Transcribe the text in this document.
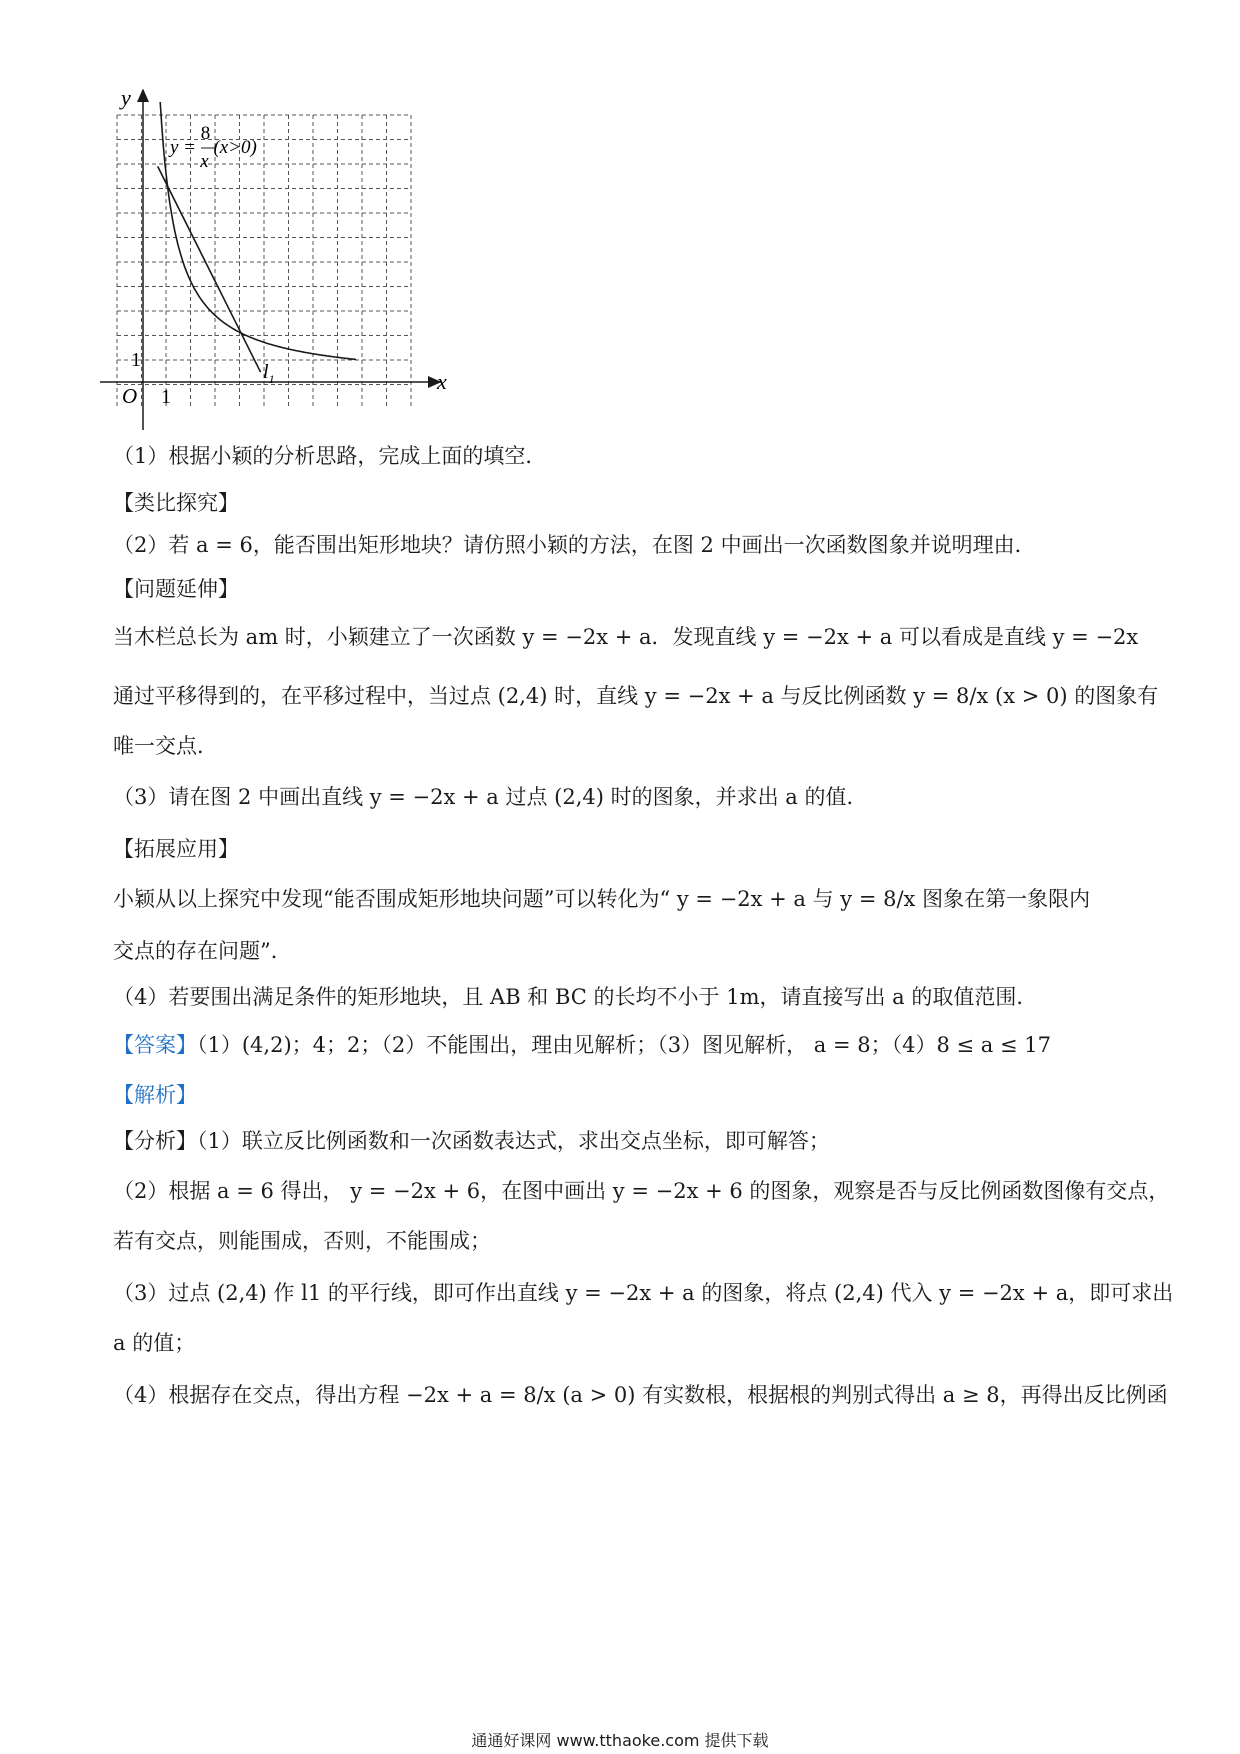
y
x
O 1
1
$l_1$
y = 8 x (x>0)
（1）根据小颖的分析思路，完成上面的填空．
【类比探究】
（2）若 a = 6，能否围出矩形地块？请仿照小颖的方法，在图 2 中画出一次函数图象并说明理由．
【问题延伸】
当木栏总长为 am 时，小颖建立了一次函数 y = −2x + a．发现直线 y = −2x + a 可以看成是直线 y = −2x
通过平移得到的，在平移过程中，当过点 (2,4) 时，直线 y = −2x + a 与反比例函数 y = 8/x (x > 0) 的图象有
唯一交点．
（3）请在图 2 中画出直线 y = −2x + a 过点 (2,4) 时的图象，并求出 a 的值．
【拓展应用】
小颖从以上探究中发现“能否围成矩形地块问题”可以转化为“ y = −2x + a 与 y = 8/x 图象在第一象限内
交点的存在问题”．
（4）若要围出满足条件的矩形地块，且 AB 和 BC 的长均不小于 1m，请直接写出 a 的取值范围．
【答案】（1）(4,2)；4；2；（2）不能围出，理由见解析；（3）图见解析， a = 8；（4）8 ≤ a ≤ 17
【解析】
【分析】（1）联立反比例函数和一次函数表达式，求出交点坐标，即可解答；
（2）根据 a = 6 得出， y = −2x + 6，在图中画出 y = −2x + 6 的图象，观察是否与反比例函数图像有交点，
若有交点，则能围成，否则，不能围成；
（3）过点 (2,4) 作 l1 的平行线，即可作出直线 y = −2x + a 的图象，将点 (2,4) 代入 y = −2x + a，即可求出
a 的值；
（4）根据存在交点，得出方程 −2x + a = 8/x (a > 0) 有实数根，根据根的判别式得出 a ≥ 8，再得出反比例函
通通好课网 www.tthaoke.com 提供下载
